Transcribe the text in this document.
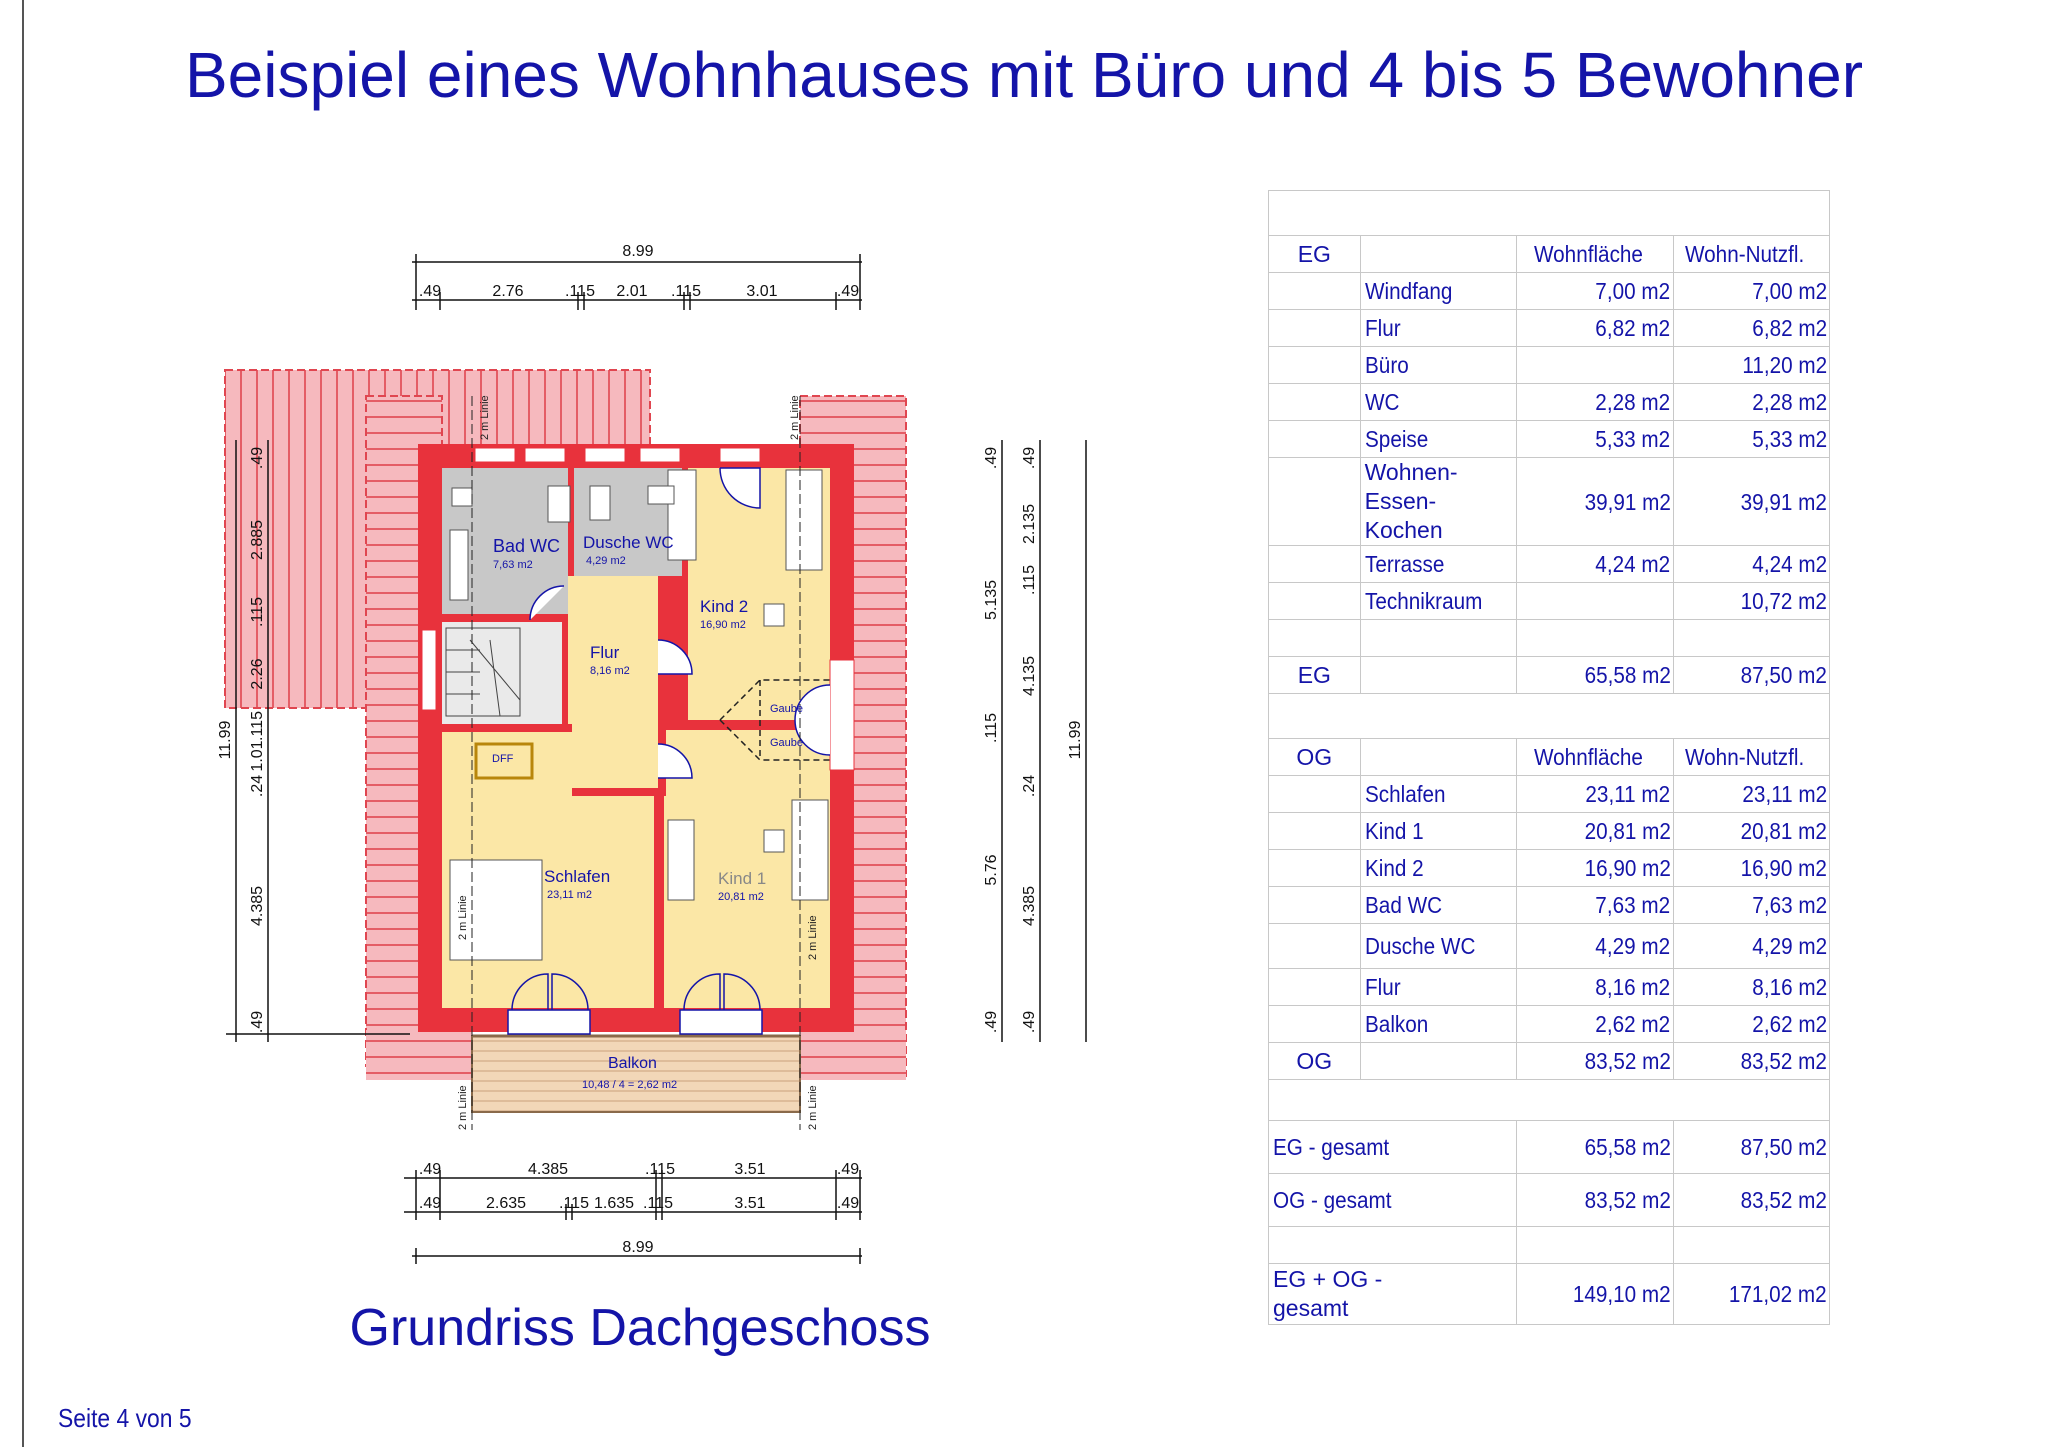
Beispiel eines Wohnhauses mit Büro und 4 bis 5 Bewohner
2 m Linie	2 m Linie
2 m Linie	2 m Linie
2 m Linie	2 m Linie
Bad WC
7,63 m2
Dusche WC
4,29 m2
Kind 2
16,90 m2
Flur
8,16 m2
Schlafen
23,11 m2
Kind 1
20,81 m2
Balkon
10,48 / 4 = 2,62 m2
DFF
Gaube
Gaube
8.99
.49	2.76	.115 2.01 .115	3.01	.49
.49	4.385	.115	3.51	.49
.49	2.635 .115 1.635 .115	3.51	.49
8.99
11.99
.49
2.885
.115
2.26
.115
1.01
.24
4.385
.49
.49
5.135
.115
5.76
.49
.49
2.135
.115
4.135
.24
4.385
.49
11.99
Grundriss Dachgeschoss
Seite 4 von 5

EG		Wohnfläche	Wohn-Nutzfl.
	Windfang	7,00 m2	7,00 m2
	Flur	6,82 m2	6,82 m2
	Büro		11,20 m2
	WC	2,28 m2	2,28 m2
	Speise	5,33 m2	5,33 m2
	Wohnen-Essen-Kochen	39,91 m2	39,91 m2
	Terrasse	4,24 m2	4,24 m2
	Technikraum		10,72 m2

EG		65,58 m2	87,50 m2

OG		Wohnfläche	Wohn-Nutzfl.
	Schlafen	23,11 m2	23,11 m2
	Kind 1	20,81 m2	20,81 m2
	Kind 2	16,90 m2	16,90 m2
	Bad WC	7,63 m2	7,63 m2
	Dusche WC	4,29 m2	4,29 m2
	Flur	8,16 m2	8,16 m2
	Balkon	2,62 m2	2,62 m2
OG		83,52 m2	83,52 m2

EG - gesamt		65,58 m2	87,50 m2
OG - gesamt		83,52 m2	83,52 m2

EG + OG - gesamt		149,10 m2	171,02 m2
